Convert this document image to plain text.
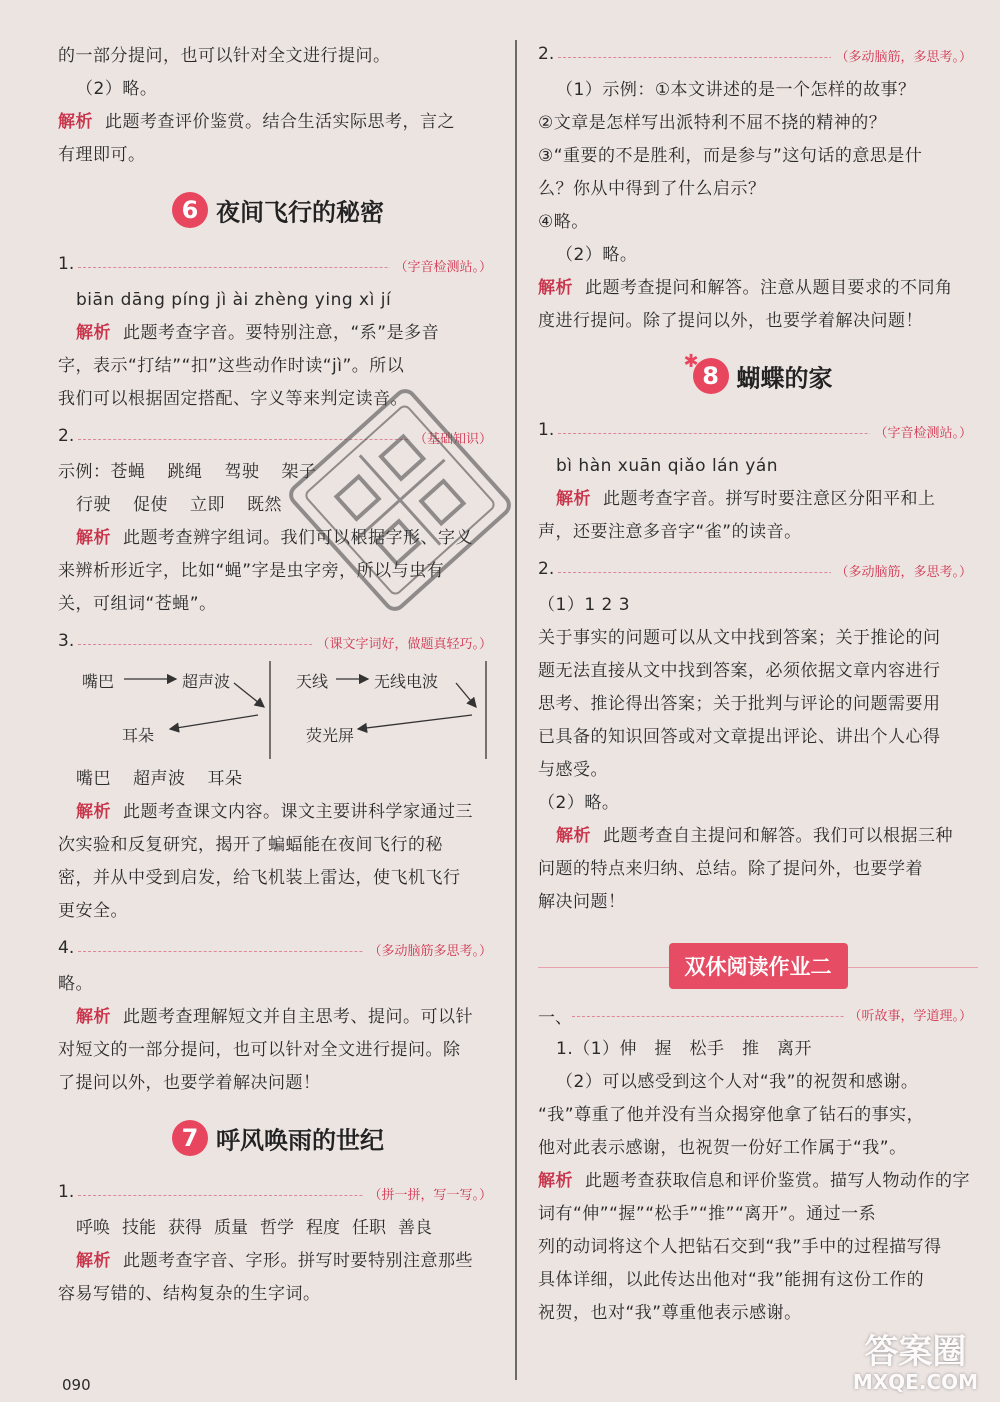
的一部分提问，也可以针对全文进行提问。
（2）略。
解析 此题考查评价鉴赏。结合生活实际思考，言之
有理即可。
6 夜间飞行的秘密
1.	（字音检测站。）
biān dāng píng jì ài zhèng ying xì jí
解析 此题考查字音。要特别注意，“系”是多音
字，表示“打结”“扣”这些动作时读“jì”。所以
我们可以根据固定搭配、字义等来判定读音。
2.	（基础知识）
示例：苍蝇 跳绳 驾驶 架子
行驶 促使 立即 既然
解析 此题考查辨字组词。我们可以根据字形、字义
来辨析形近字，比如“蝇”字是虫字旁，所以与虫有
关，可组词“苍蝇”。
3.	（课文字词好，做题真轻巧。）
嘴巴	超声波
耳朵
天线	无线电波
荧光屏
嘴巴 超声波 耳朵
解析 此题考查课文内容。课文主要讲科学家通过三
次实验和反复研究，揭开了蝙蝠能在夜间飞行的秘
密，并从中受到启发，给飞机装上雷达，使飞机飞行
更安全。
4.	（多动脑筋多思考。）
略。
解析 此题考查理解短文并自主思考、提问。可以针
对短文的一部分提问，也可以针对全文进行提问。除
了提问以外，也要学着解决问题！
7 呼风唤雨的世纪
1.	（拼一拼，写一写。）
呼唤 技能 获得 质量 哲学 程度 任职 善良
解析 此题考查字音、字形。拼写时要特别注意那些
容易写错的、结构复杂的生字词。
2.	（多动脑筋，多思考。）
（1）示例：①本文讲述的是一个怎样的故事？
②文章是怎样写出派特利不屈不挠的精神的？
③“重要的不是胜利，而是参与”这句话的意思是什
么？你从中得到了什么启示？
④略。
（2）略。
解析 此题考查提问和解答。注意从题目要求的不同角
度进行提问。除了提问以外，也要学着解决问题！
✱8 蝴蝶的家
1.	（字音检测站。）
bì hàn xuān qiǎo lán yán
解析 此题考查字音。拼写时要注意区分阳平和上
声，还要注意多音字“雀”的读音。
2.	（多动脑筋，多思考。）
（1）1 2 3
关于事实的问题可以从文中找到答案；关于推论的问
题无法直接从文中找到答案，必须依据文章内容进行
思考、推论得出答案；关于批判与评论的问题需要用
已具备的知识回答或对文章提出评论、讲出个人心得
与感受。
（2）略。
解析 此题考查自主提问和解答。我们可以根据三种
问题的特点来归纳、总结。除了提问外，也要学着
解决问题！
双休阅读作业二
一、	（听故事，学道理。）
1.（1）伸　握　松手　推　离开
（2）可以感受到这个人对“我”的祝贺和感谢。
“我”尊重了他并没有当众揭穿他拿了钻石的事实，
他对此表示感谢，也祝贺一份好工作属于“我”。
解析 此题考查获取信息和评价鉴赏。描写人物动作的字
词有“伸”“握”“松手”“推”“离开”。通过一系
列的动词将这个人把钻石交到“我”手中的过程描写得
具体详细，以此传达出他对“我”能拥有这份工作的
祝贺，也对“我”尊重他表示感谢。
090
答案圈
MXQE.COM
